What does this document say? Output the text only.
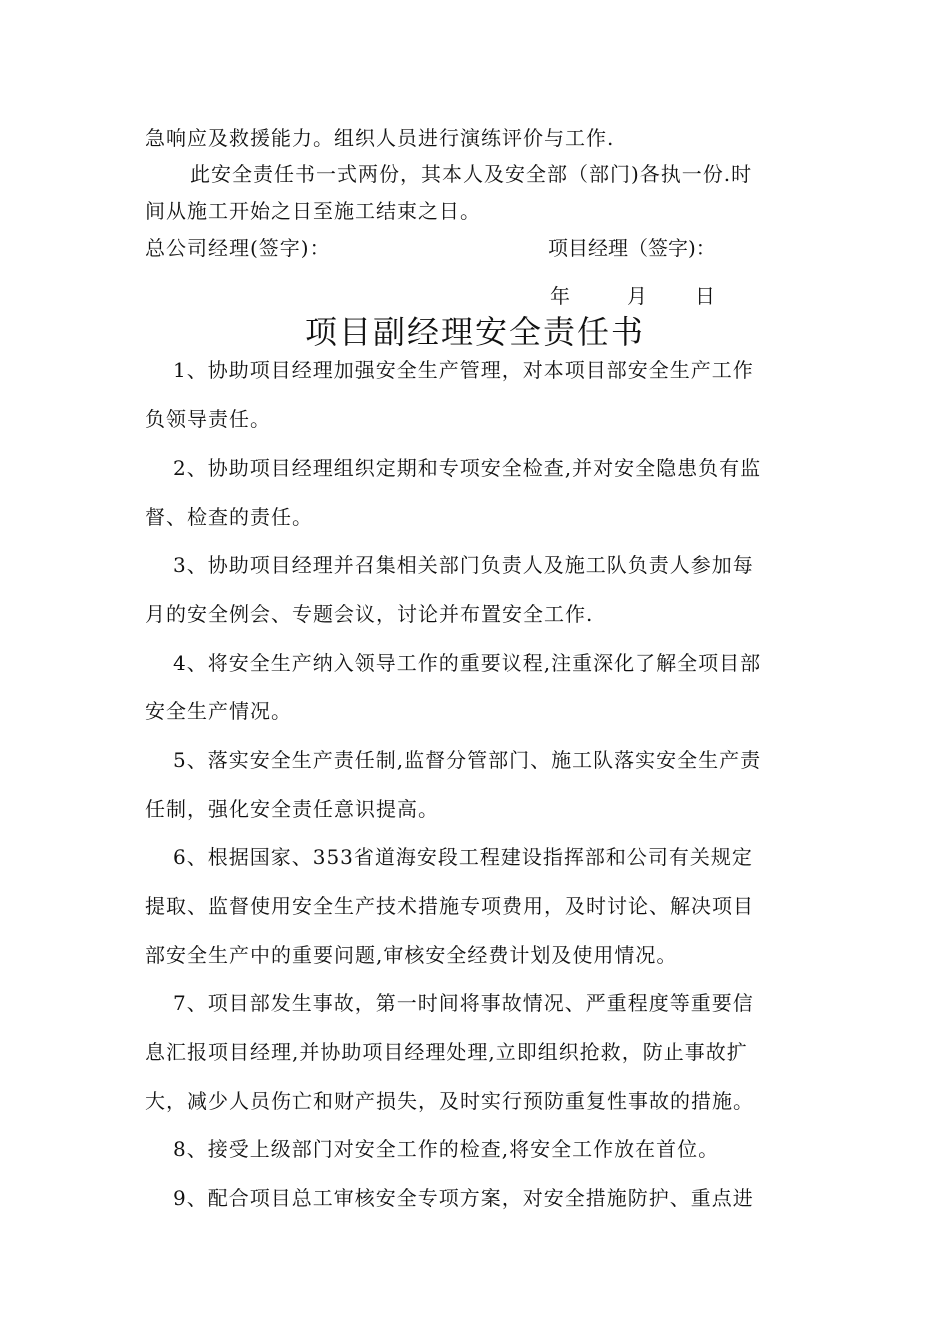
急响应及救援能力。组织人员进行演练评价与工作.
此安全责任书一式两份，其本人及安全部（部门)各执一份.时
间从施工开始之日至施工结束之日。
总公司经理(签字)：	项目经理（签字)：
年	月 日
项目副经理安全责任书
1、协助项目经理加强安全生产管理，对本项目部安全生产工作
负领导责任。
2、协助项目经理组织定期和专项安全检查,并对安全隐患负有监
督、检查的责任。
3、协助项目经理并召集相关部门负责人及施工队负责人参加每
月的安全例会、专题会议，讨论并布置安全工作.
4、将安全生产纳入领导工作的重要议程,注重深化了解全项目部
安全生产情况。
5、落实安全生产责任制,监督分管部门、施工队落实安全生产责
任制，强化安全责任意识提高。
6、根据国家、353省道海安段工程建设指挥部和公司有关规定
提取、监督使用安全生产技术措施专项费用，及时讨论、解决项目
部安全生产中的重要问题,审核安全经费计划及使用情况。
7、项目部发生事故，第一时间将事故情况、严重程度等重要信
息汇报项目经理,并协助项目经理处理,立即组织抢救，防止事故扩
大，减少人员伤亡和财产损失，及时实行预防重复性事故的措施。
8、接受上级部门对安全工作的检查,将安全工作放在首位。
9、配合项目总工审核安全专项方案，对安全措施防护、重点进
